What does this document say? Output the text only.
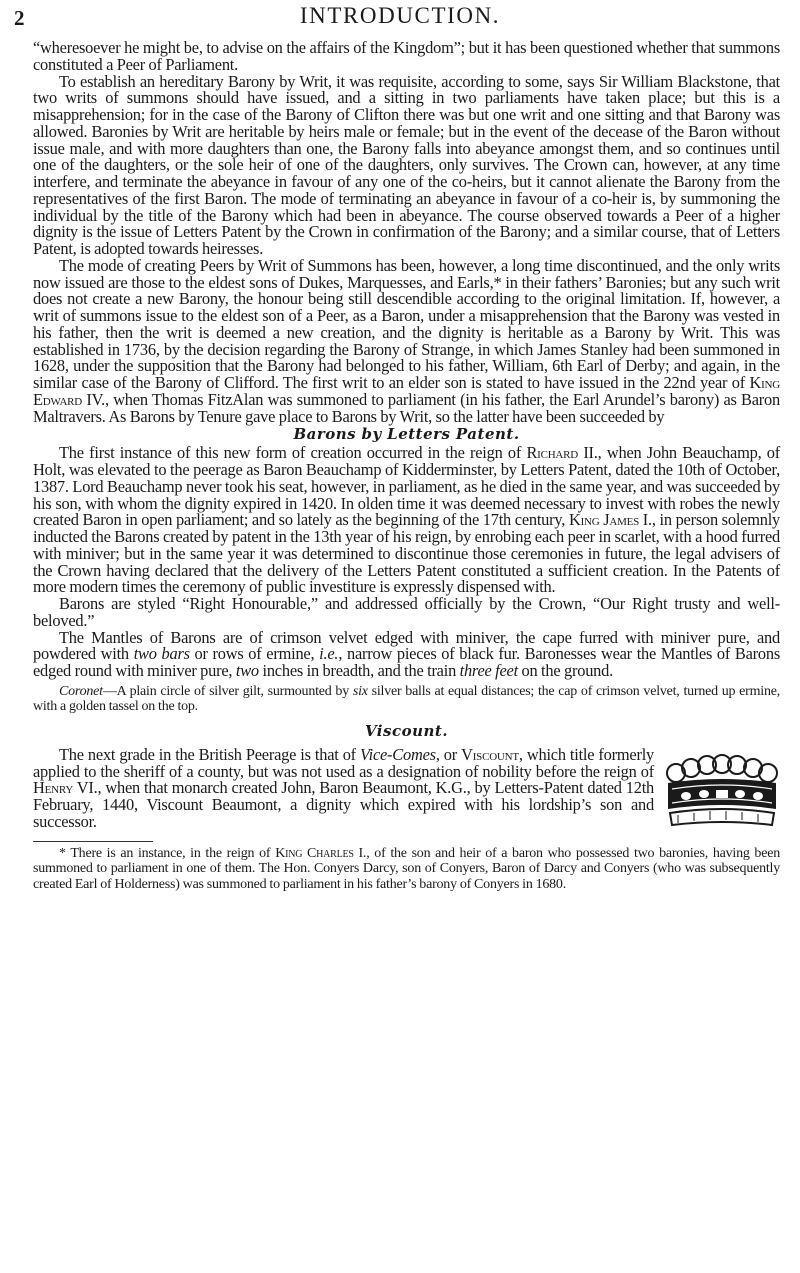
2	INTRODUCTION.

“wheresoever he might be, to advise on the affairs of the Kingdom”; but it has been questioned whether that summons constituted a Peer of Parliament.

To establish an hereditary Barony by Writ, it was requisite, according to some, says Sir William Blackstone, that two writs of summons should have issued, and a sitting in two parliaments have taken place; but this is a misapprehension; for in the case of the Barony of Clifton there was but one writ and one sitting and that Barony was allowed. Baronies by Writ are heritable by heirs male or female; but in the event of the decease of the Baron without issue male, and with more daughters than one, the Barony falls into abeyance amongst them, and so continues until one of the daughters, or the sole heir of one of the daughters, only survives. The Crown can, however, at any time interfere, and terminate the abeyance in favour of any one of the co-heirs, but it cannot alienate the Barony from the representatives of the first Baron. The mode of terminating an abeyance in favour of a co-heir is, by summoning the individual by the title of the Barony which had been in abeyance. The course observed towards a Peer of a higher dignity is the issue of Letters Patent by the Crown in confirmation of the Barony; and a similar course, that of Letters Patent, is adopted towards heiresses.

The mode of creating Peers by Writ of Summons has been, however, a long time discontinued, and the only writs now issued are those to the eldest sons of Dukes, Marquesses, and Earls,* in their fathers’ Baronies; but any such writ does not create a new Barony, the honour being still descendible according to the original limitation. If, however, a writ of summons issue to the eldest son of a Peer, as a Baron, under a misapprehension that the Barony was vested in his father, then the writ is deemed a new creation, and the dignity is heritable as a Barony by Writ. This was established in 1736, by the decision regarding the Barony of Strange, in which James Stanley had been summoned in 1628, under the supposition that the Barony had belonged to his father, William, 6th Earl of Derby; and again, in the similar case of the Barony of Clifford. The first writ to an elder son is stated to have issued in the 22nd year of King Edward IV., when Thomas FitzAlan was summoned to parliament (in his father, the Earl Arundel’s barony) as Baron Maltravers. As Barons by Tenure gave place to Barons by Writ, so the latter have been succeeded by

Barons by Letters Patent.

The first instance of this new form of creation occurred in the reign of Richard II., when John Beauchamp, of Holt, was elevated to the peerage as Baron Beauchamp of Kidderminster, by Letters Patent, dated the 10th of October, 1387. Lord Beauchamp never took his seat, however, in parliament, as he died in the same year, and was succeeded by his son, with whom the dignity expired in 1420. In olden time it was deemed necessary to invest with robes the newly created Baron in open parliament; and so lately as the beginning of the 17th century, King James I., in person solemnly inducted the Barons created by patent in the 13th year of his reign, by enrobing each peer in scarlet, with a hood furred with miniver; but in the same year it was determined to discontinue those ceremonies in future, the legal advisers of the Crown having declared that the delivery of the Letters Patent constituted a sufficient creation. In the Patents of more modern times the ceremony of public investiture is expressly dispensed with.

Barons are styled “Right Honourable,” and addressed officially by the Crown, “Our Right trusty and well-beloved.”

The Mantles of Barons are of crimson velvet edged with miniver, the cape furred with miniver pure, and powdered with two bars or rows of ermine, i.e., narrow pieces of black fur. Baronesses wear the Mantles of Barons edged round with miniver pure, two inches in breadth, and the train three feet on the ground.

Coronet—A plain circle of silver gilt, surmounted by six silver balls at equal distances; the cap of crimson velvet, turned up ermine, with a golden tassel on the top.

Viscount.

The next grade in the British Peerage is that of Vice-Comes, or Viscount, which title formerly applied to the sheriff of a county, but was not used as a designation of nobility before the reign of Henry VI., when that monarch created John, Baron Beaumont, K.G., by Letters-Patent dated 12th February, 1440, Viscount Beaumont, a dignity which expired with his lordship’s son and successor.

* There is an instance, in the reign of King Charles I., of the son and heir of a baron who possessed two baronies, having been summoned to parliament in one of them. The Hon. Conyers Darcy, son of Conyers, Baron of Darcy and Conyers (who was subsequently created Earl of Holderness) was summoned to parliament in his father’s barony of Conyers in 1680.
